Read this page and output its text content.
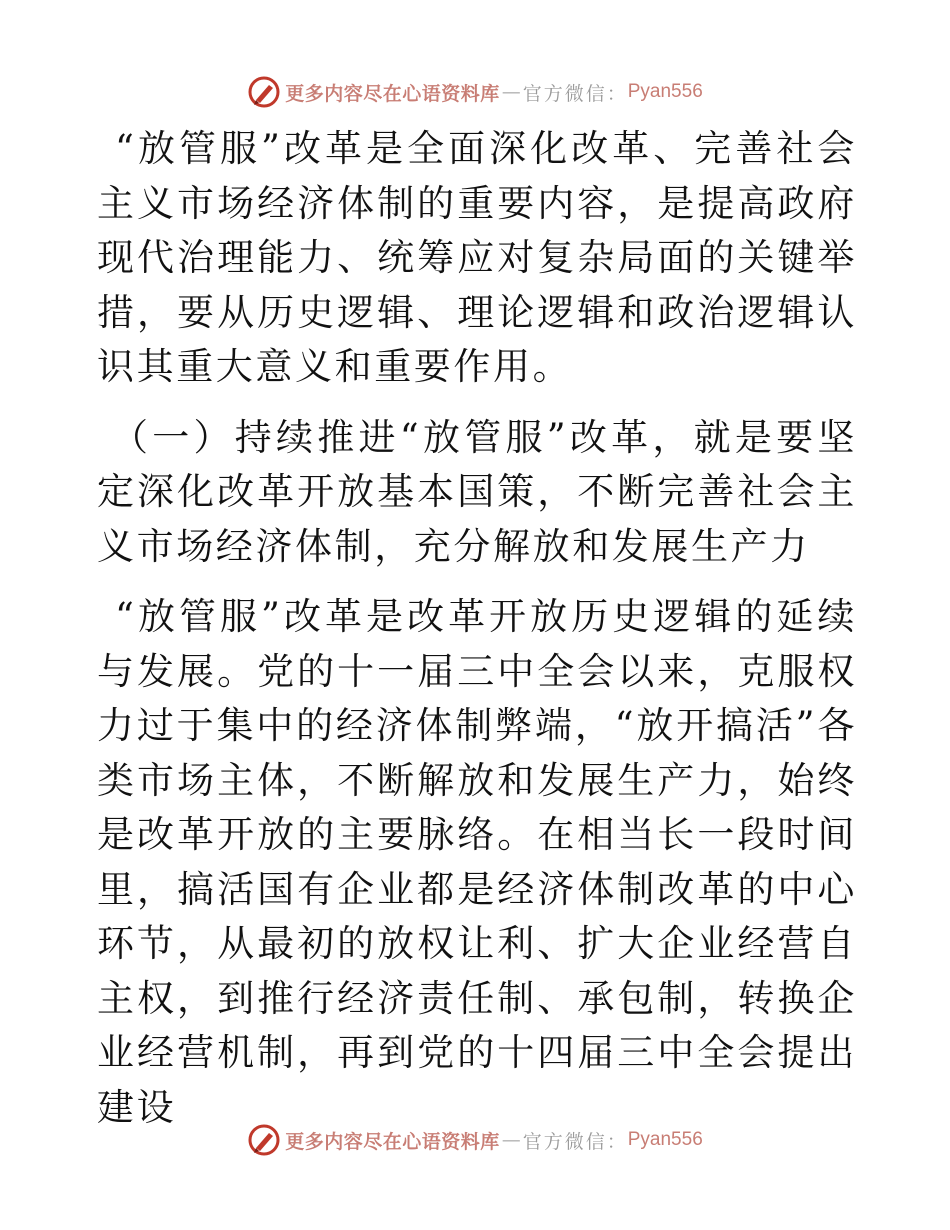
更多内容尽在心语资料库 — 官方微信： Pyan556

“放管服”改革是全面深化改革、完善社会主义市场经济体制的重要内容，是提高政府现代治理能力、统筹应对复杂局面的关键举措，要从历史逻辑、理论逻辑和政治逻辑认识其重大意义和重要作用。

（一）持续推进“放管服”改革，就是要坚定深化改革开放基本国策，不断完善社会主义市场经济体制，充分解放和发展生产力

“放管服”改革是改革开放历史逻辑的延续与发展。党的十一届三中全会以来，克服权力过于集中的经济体制弊端，“放开搞活”各类市场主体，不断解放和发展生产力，始终是改革开放的主要脉络。在相当长一段时间里，搞活国有企业都是经济体制改革的中心环节，从最初的放权让利、扩大企业经营自主权，到推行经济责任制、承包制，转换企业经营机制，再到党的十四届三中全会提出建设

更多内容尽在心语资料库 — 官方微信： Pyan556
